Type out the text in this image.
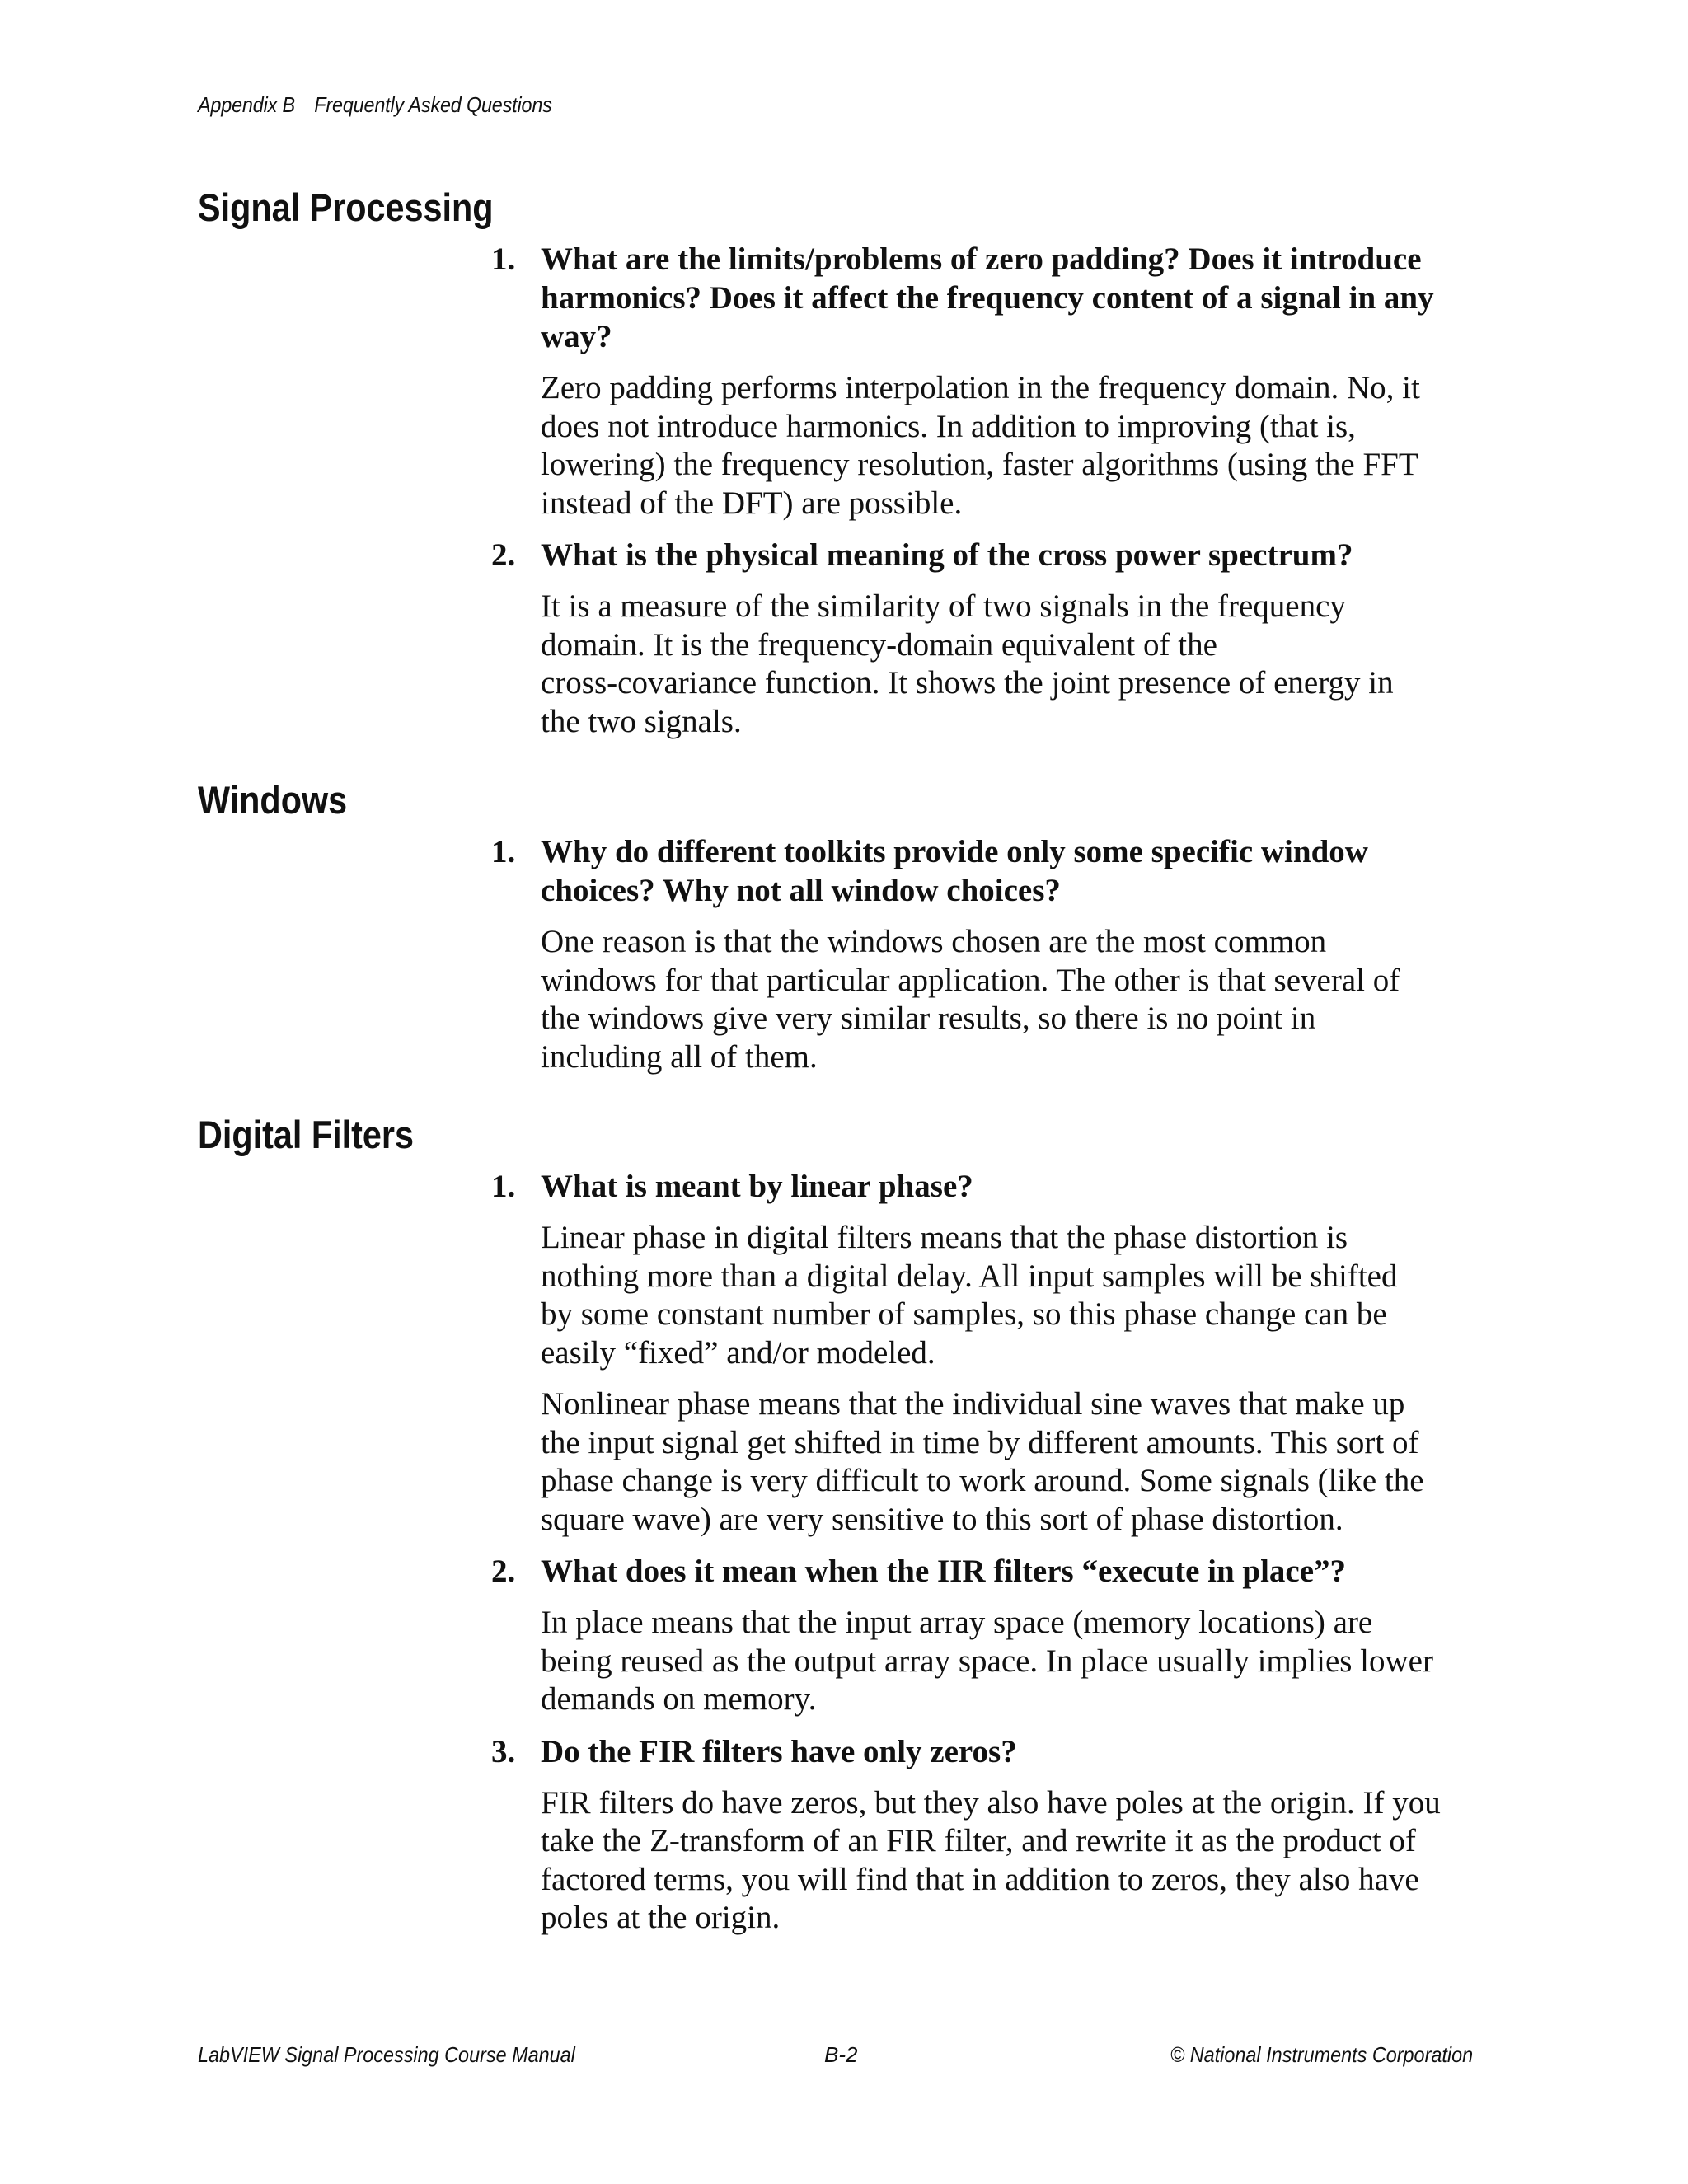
Appendix B Frequently Asked Questions
Signal Processing
1. What are the limits/problems of zero padding? Does it introduce
harmonics? Does it affect the frequency content of a signal in any
way?

Zero padding performs interpolation in the frequency domain. No, it
does not introduce harmonics. In addition to improving (that is,
lowering) the frequency resolution, faster algorithms (using the FFT
instead of the DFT) are possible.

2. What is the physical meaning of the cross power spectrum?

It is a measure of the similarity of two signals in the frequency
domain. It is the frequency-domain equivalent of the
cross-covariance function. It shows the joint presence of energy in
the two signals.

Windows
1. Why do different toolkits provide only some specific window
choices? Why not all window choices?

One reason is that the windows chosen are the most common
windows for that particular application. The other is that several of
the windows give very similar results, so there is no point in
including all of them.

Digital Filters
1. What is meant by linear phase?

Linear phase in digital filters means that the phase distortion is
nothing more than a digital delay. All input samples will be shifted
by some constant number of samples, so this phase change can be
easily “fixed” and/or modeled.

Nonlinear phase means that the individual sine waves that make up
the input signal get shifted in time by different amounts. This sort of
phase change is very difficult to work around. Some signals (like the
square wave) are very sensitive to this sort of phase distortion.

2. What does it mean when the IIR filters “execute in place”?

In place means that the input array space (memory locations) are
being reused as the output array space. In place usually implies lower
demands on memory.

3. Do the FIR filters have only zeros?

FIR filters do have zeros, but they also have poles at the origin. If you
take the Z-transform of an FIR filter, and rewrite it as the product of
factored terms, you will find that in addition to zeros, they also have
poles at the origin.

LabVIEW Signal Processing Course Manual	B-2	© National Instruments Corporation
